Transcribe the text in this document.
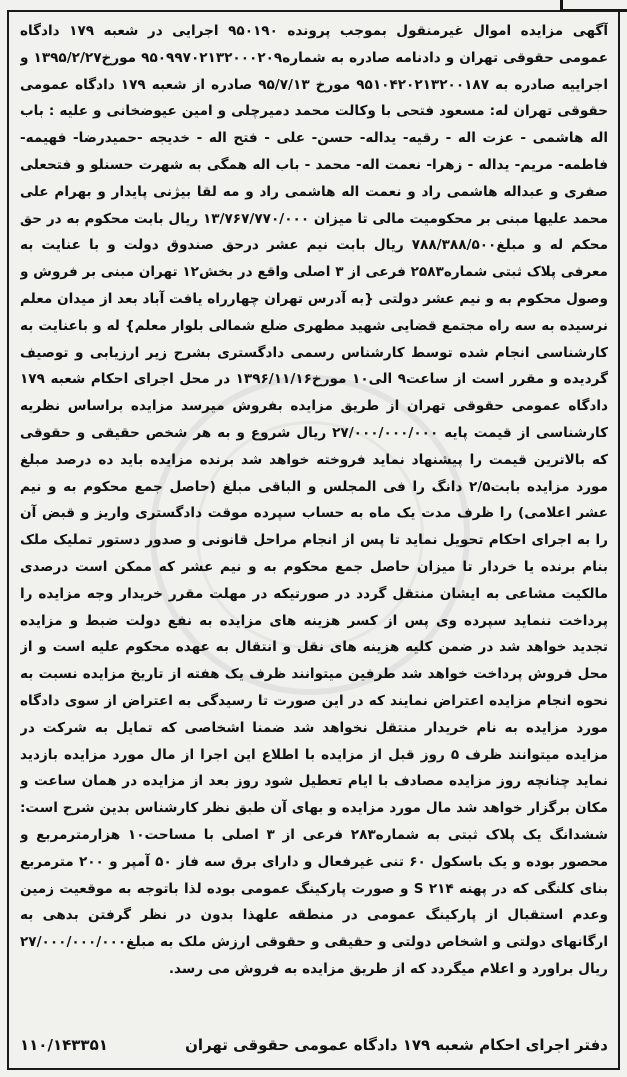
آگهی مزایده اموال غیرمنقول بموجب پرونده ۹۵۰۱۹۰ اجرایی در شعبه ۱۷۹ دادگاه عمومی حقوقی تهران و دادنامه صادره به شماره۹۵۰۹۹۷۰۲۱۳۲۰۰۰۲۰۹ مورخ۱۳۹۵/۲/۲۷ و اجراییه صادره به ۹۵۱۰۴۲۰۲۱۳۲۰۰۱۸۷ مورخ ۹۵/۷/۱۳ صادره از شعبه ۱۷۹ دادگاه عمومی حقوقی تهران له: مسعود فتحی با وکالت محمد دمیرچلی و امین عیوضخانی و علیه : باب اله هاشمی - عزت اله - رقیه- یداله- حسن- علی - فتح اله - خدیجه -حمیدرضا- فهیمه- فاطمه- مریم- یداله - زهرا- نعمت اله- محمد - باب اله همگی به شهرت حسنلو و فتحعلی صفری و عبداله هاشمی راد و نعمت اله هاشمی راد و مه لقا بیژنی پایدار و بهرام علی محمد علیها مبنی بر محکومیت مالی تا میزان ۱۳/۷۶۷/۷۷۰/۰۰۰ ریال بابت محکوم به در حق محکم له و مبلغ۷۸۸/۳۸۸/۵۰۰ ریال بابت نیم عشر درحق صندوق دولت و با عنایت به معرفی پلاک ثبتی شماره۲۵۸۳ فرعی از ۳ اصلی واقع در بخش۱۲ تهران مبنی بر فروش و وصول محکوم به و نیم عشر دولتی {به آدرس تهران چهارراه یافت آباد بعد از میدان معلم نرسیده به سه راه مجتمع قضایی شهید مطهری ضلع شمالی بلوار معلم} له و باعنایت به کارشناسی انجام شده توسط کارشناس رسمی دادگستری بشرح زیر ارزیابی و توصیف گردیده و مقرر است از ساعت۹ الی۱۰ مورخ۱۳۹۶/۱۱/۱۶ در محل اجرای احکام شعبه ۱۷۹ دادگاه عمومی حقوقی تهران از طریق مزایده بفروش میرسد مزایده براساس نظریه کارشناسی از قیمت پایه ۲۷/۰۰۰/۰۰۰/۰۰۰ ریال شروع و به هر شخص حقیقی و حقوقی که بالاترین قیمت را پیشنهاد نماید فروخته خواهد شد برنده مزایده باید ده درصد مبلغ مورد مزایده بابت۲/۵ دانگ را فی المجلس و الباقی مبلغ (حاصل جمع محکوم به و نیم عشر اعلامی) را ظرف مدت یک ماه به حساب سپرده موقت دادگستری واریز و قبض آن را به اجرای احکام تحویل نماید تا پس از انجام مراحل قانونی و صدور دستور تملیک ملک بنام برنده یا خردار تا میزان حاصل جمع محکوم به و نیم عشر که ممکن است درصدی مالکیت مشاعی به ایشان منتقل گردد در صورتیکه در مهلت مقرر خریدار وجه مزایده را پرداخت ننماید سپرده وی پس از کسر هزینه های مزایده به نفع دولت ضبط و مزایده تجدید خواهد شد در ضمن کلیه هزینه های نقل و انتقال به عهده محکوم علیه است و از محل فروش پرداخت خواهد شد طرفین میتوانند ظرف یک هفته از تاریخ مزایده نسبت به نحوه انجام مزایده اعتراض نمایند که در این صورت تا رسیدگی به اعتراض از سوی دادگاه مورد مزایده به نام خریدار منتقل نخواهد شد ضمنا اشخاصی که تمایل به شرکت در مزایده میتوانند ظرف ۵ روز قبل از مزایده با اطلاع این اجرا از مال مورد مزایده بازدید نماید چنانچه روز مزایده مصادف با ایام تعطیل شود روز بعد از مزایده در همان ساعت و مکان برگزار خواهد شد مال مورد مزایده و بهای آن طبق نظر کارشناس بدین شرح است: ششدانگ یک پلاک ثبتی به شماره۲۸۳ فرعی از ۳ اصلی با مساحت۱۰ هزارمترمربع و محصور بوده و یک باسکول ۶۰ تنی غیرفعال و دارای برق سه فاز ۵۰ آمپر و ۲۰۰ مترمربع بنای کلنگی که در پهنه S ۲۱۴ و صورت پارکینگ عمومی بوده لذا باتوجه به موقعیت زمین وعدم استقبال از پارکینگ عمومی در منطقه علهذا بدون در نظر گرفتن بدهی به ارگانهای دولتی و اشخاص دولتی و حقیقی و حقوقی ارزش ملک به مبلغ۲۷/۰۰۰/۰۰۰/۰۰۰ ریال براورد و اعلام میگردد که از طریق مزایده به فروش می رسد.

دفتر اجرای احکام شعبه ۱۷۹ دادگاه عمومی حقوقی تهران
۱۱۰/۱۴۳۳۵۱
